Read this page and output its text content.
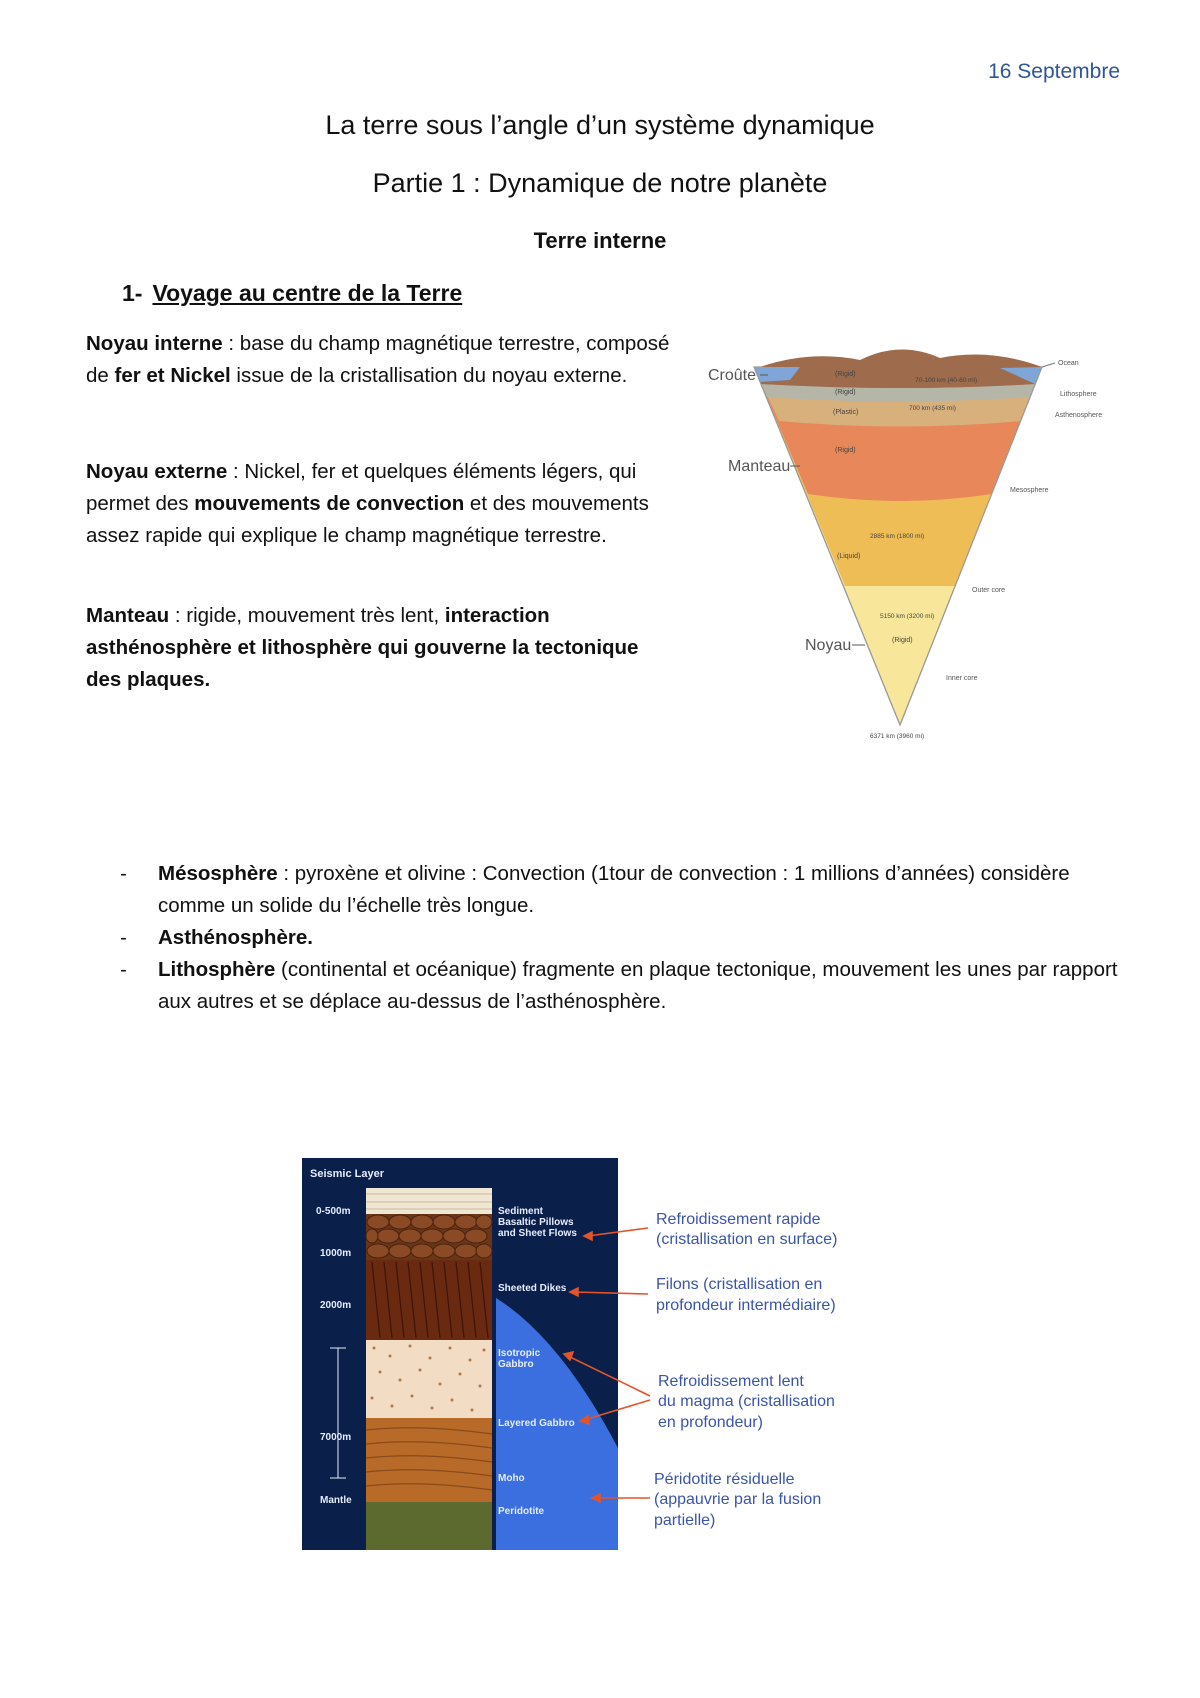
16 Septembre
La terre sous l’angle d’un système dynamique
Partie 1 : Dynamique de notre planète
Terre interne
1- Voyage au centre de la Terre
Noyau interne : base du champ magnétique terrestre, composé de fer et Nickel issue de la cristallisation du noyau externe.
Noyau externe : Nickel, fer et quelques éléments légers, qui permet des mouvements de convection et des mouvements assez rapide qui explique le champ magnétique terrestre.
Manteau : rigide, mouvement très lent, interaction asthénosphère et lithosphère qui gouverne la tectonique des plaques.
(Rigid)
(Rigid)
(Plastic)
(Rigid)
(Liquid)
(Rigid)
70-100 km (40-60 mi)
700 km (435 mi)
2885 km (1800 mi)
5150 km (3200 mi)
6371 km (3960 mi)
Croûte
Manteau
Noyau
Ocean
Lithosphere
Asthenosphere
Mesosphere
Outer core
Inner core
- Mésosphère : pyroxène et olivine : Convection (1tour de convection : 1 millions d’années) considère comme un solide du l’échelle très longue.
- Asthénosphère.
- Lithosphère (continental et océanique) fragmente en plaque tectonique, mouvement les unes par rapport aux autres et se déplace au-dessus de l’asthénosphère.
Seismic Layer
0-500m
1000m
2000m
7000m
Mantle
Sediment
Basaltic Pillows
and Sheet Flows
Sheeted Dikes
Isotropic
Gabbro
Layered Gabbro
Moho
Peridotite
Refroidissement rapide
(cristallisation en surface)
Filons (cristallisation en
profondeur intermédiaire)
Refroidissement lent
du magma (cristallisation
en profondeur)
Péridotite résiduelle
(appauvrie par la fusion
partielle)
